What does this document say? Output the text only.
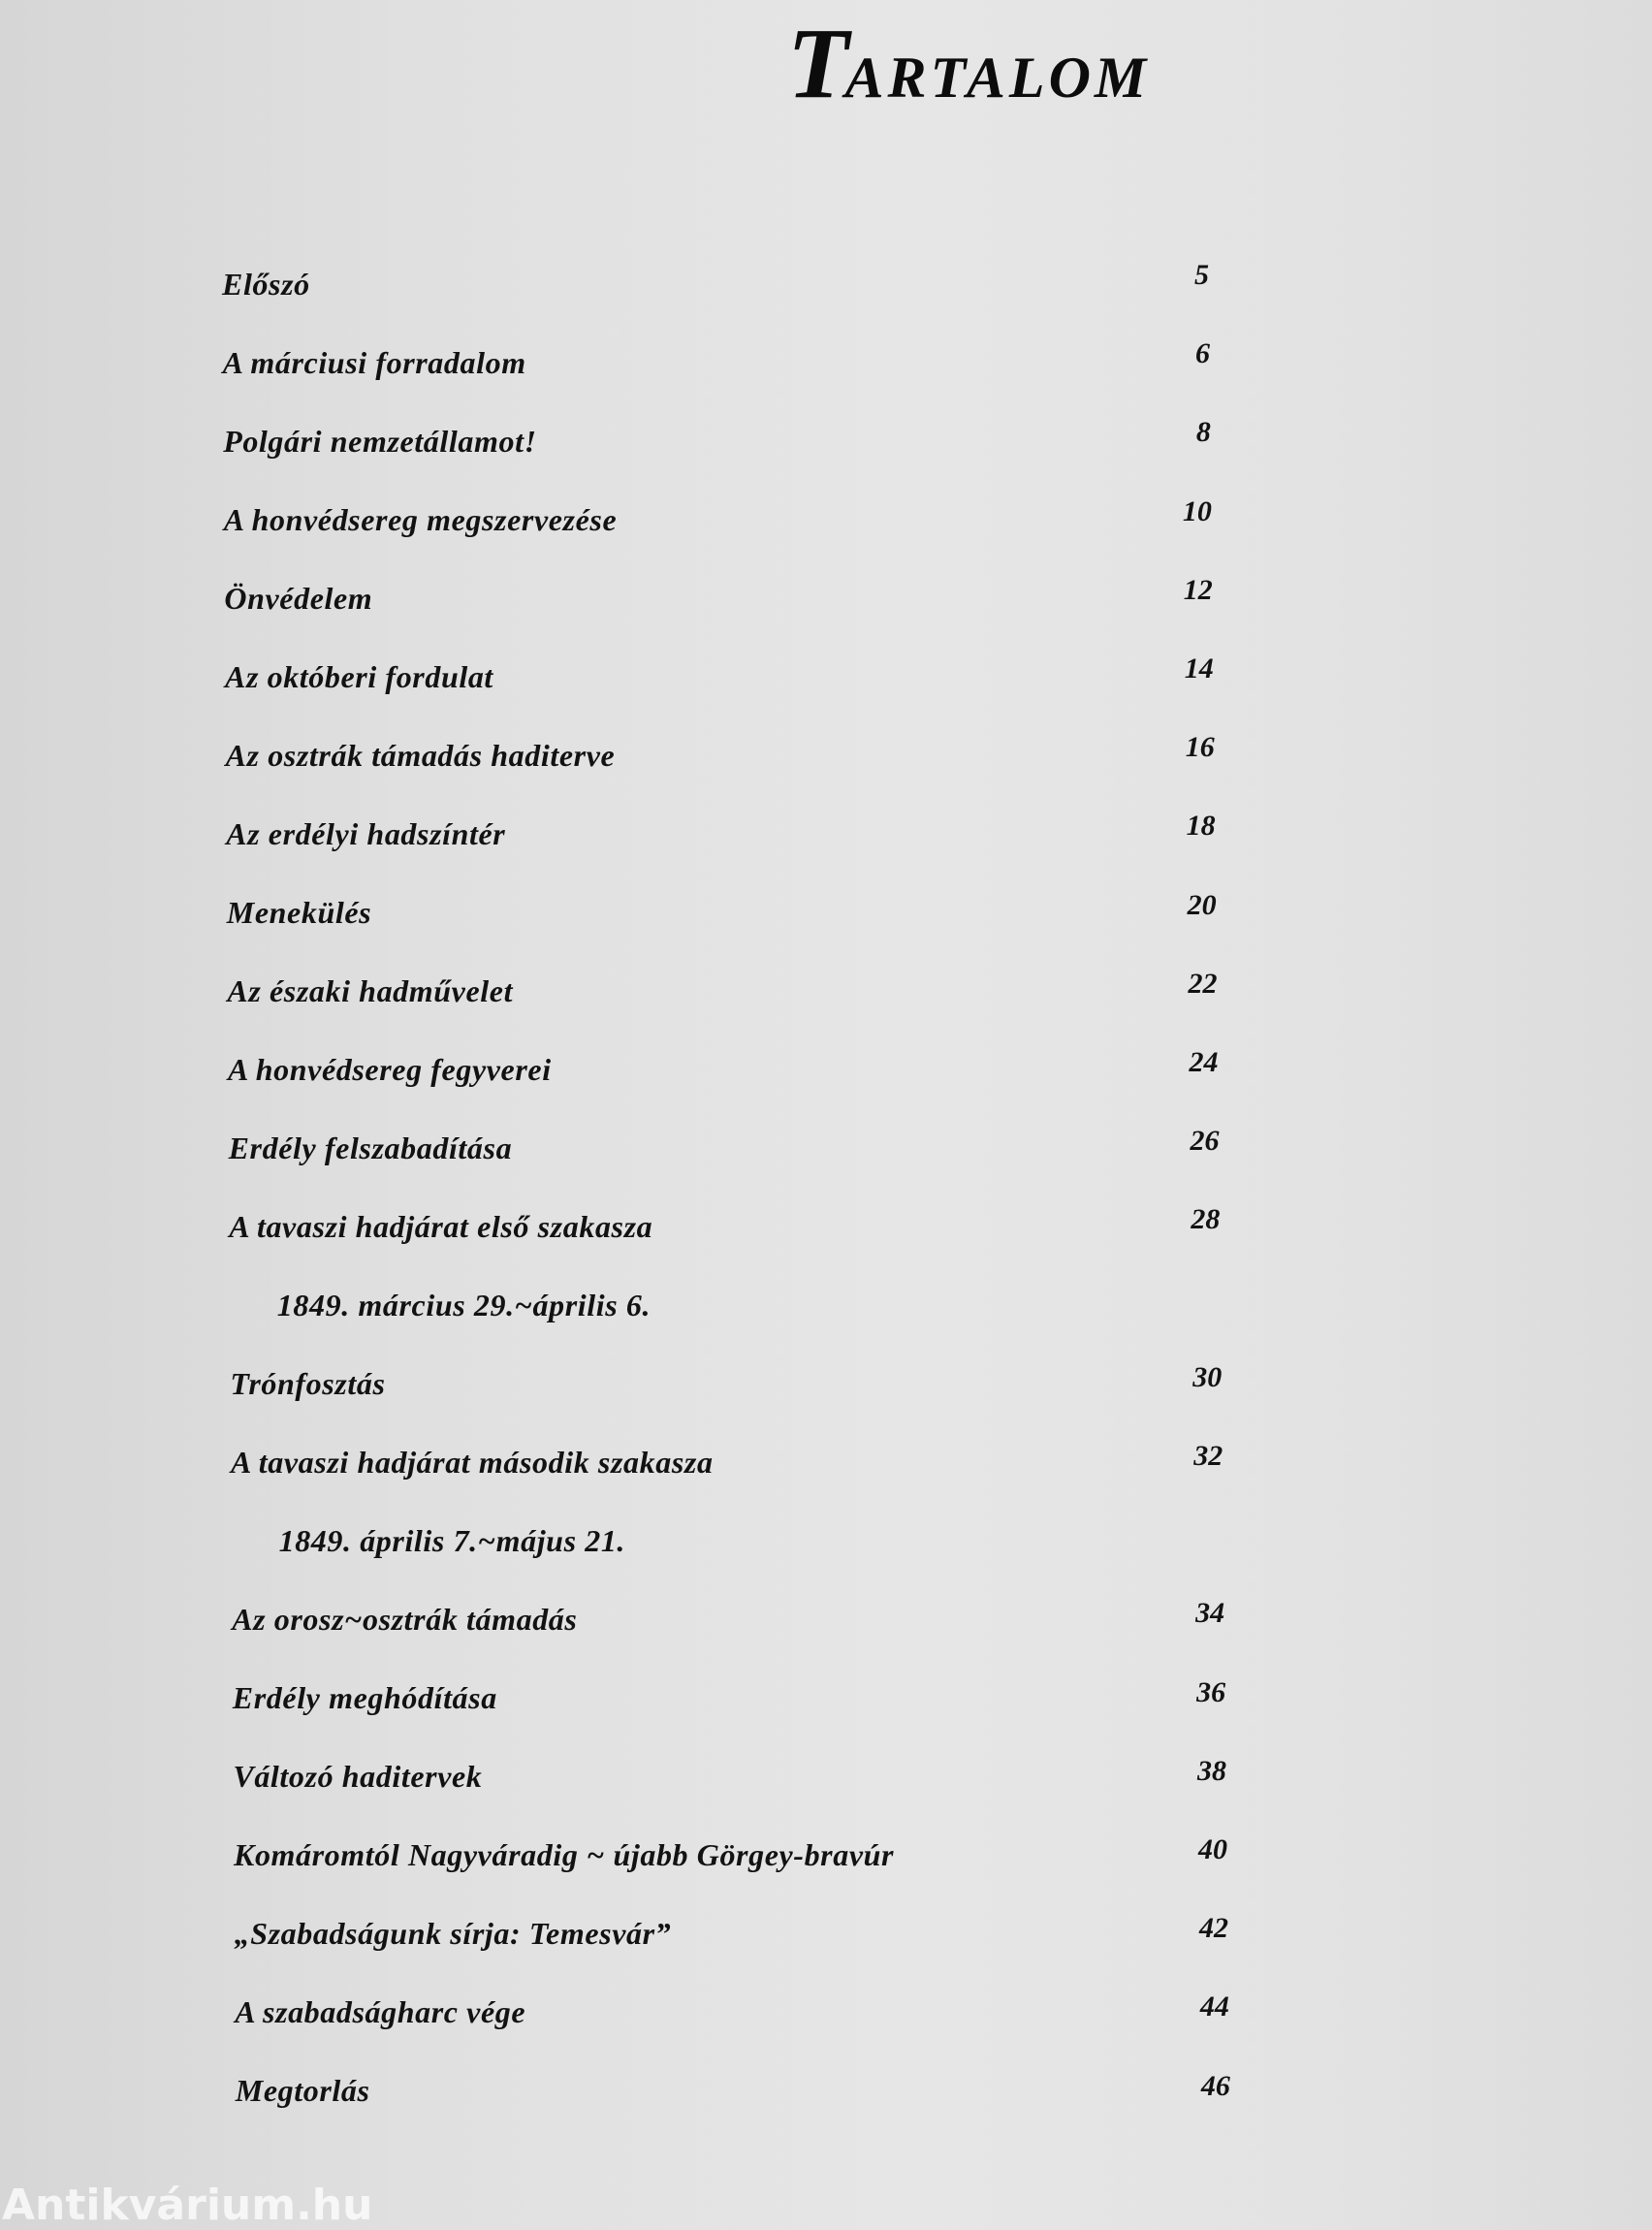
TARTALOM
Előszó	5
A márciusi forradalom	6
Polgári nemzetállamot!	8
A honvédsereg megszervezése	10
Önvédelem	12
Az októberi fordulat	14
Az osztrák támadás haditerve	16
Az erdélyi hadszíntér	18
Menekülés	20
Az északi hadművelet	22
A honvédsereg fegyverei	24
Erdély felszabadítása	26
A tavaszi hadjárat első szakasza	28
1849. március 29.~április 6.
Trónfosztás	30
A tavaszi hadjárat második szakasza	32
1849. április 7.~május 21.
Az orosz~osztrák támadás	34
Erdély meghódítása	36
Változó haditervek	38
Komáromtól Nagyváradig ~ újabb Görgey-bravúr	40
„Szabadságunk sírja: Temesvár”	42
A szabadságharc vége	44
Megtorlás	46
Antikvárium.hu
